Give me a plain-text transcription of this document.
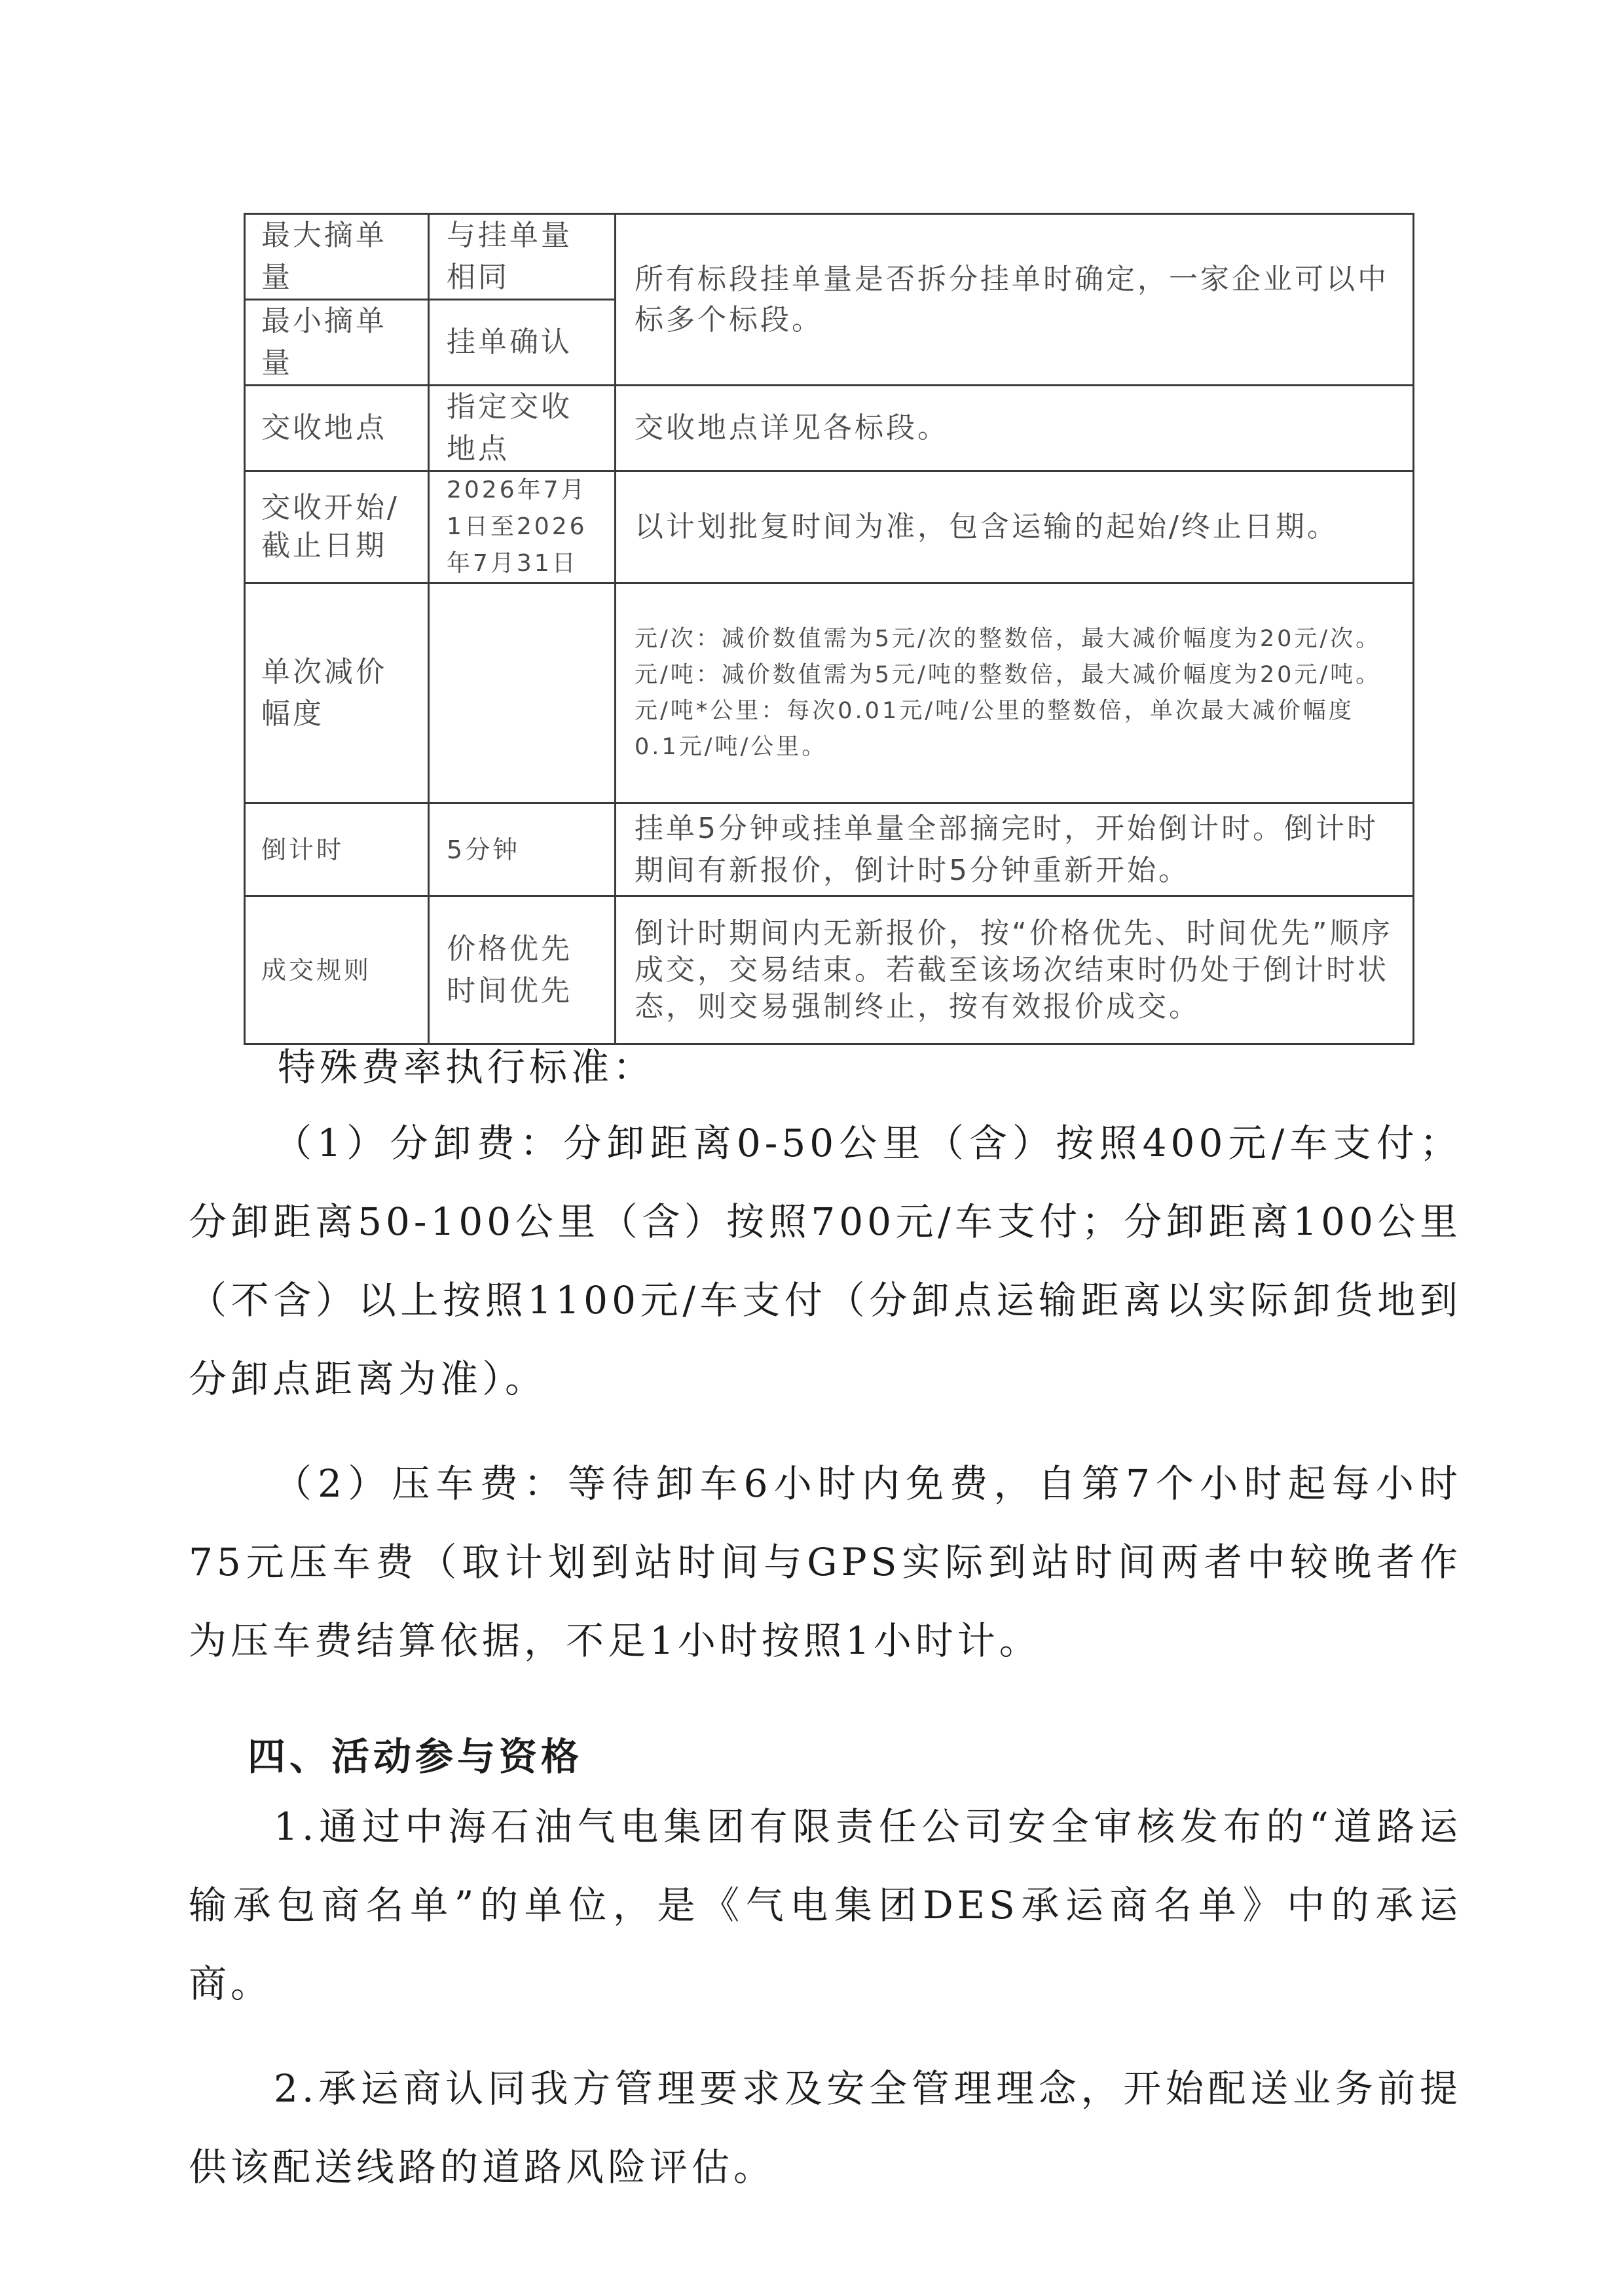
最大摘单量	与挂单量相同	所有标段挂单量是否拆分挂单时确定，一家企业可以中标多个标段。
最小摘单量	挂单确认	
交收地点	指定交收地点	交收地点详见各标段。
交收开始/截止日期	2026年7月1日至2026年7月31日	以计划批复时间为准，包含运输的起始/终止日期。
单次减价幅度		元/次：减价数值需为5元/次的整数倍，最大减价幅度为20元/次。元/吨：减价数值需为5元/吨的整数倍，最大减价幅度为20元/吨。元/吨*公里：每次0.01元/吨/公里的整数倍，单次最大减价幅度0.1元/吨/公里。
倒计时	5分钟	挂单5分钟或挂单量全部摘完时，开始倒计时。倒计时期间有新报价，倒计时5分钟重新开始。
成交规则	价格优先 时间优先	倒计时期间内无新报价，按“价格优先、时间优先”顺序成交，交易结束。若截至该场次结束时仍处于倒计时状态，则交易强制终止，按有效报价成交。
特殊费率执行标准：
（1）分卸费：分卸距离0-50公里（含）按照400元/车支付；分卸距离50-100公里（含）按照700元/车支付；分卸距离100公里（不含）以上按照1100元/车支付（分卸点运输距离以实际卸货地到分卸点距离为准）。
（2）压车费：等待卸车6小时内免费，自第7个小时起每小时75元压车费（取计划到站时间与GPS实际到站时间两者中较晚者作为压车费结算依据，不足1小时按照1小时计。
四、活动参与资格
1.通过中海石油气电集团有限责任公司安全审核发布的“道路运输承包商名单”的单位，是《气电集团DES承运商名单》中的承运商。
2.承运商认同我方管理要求及安全管理理念，开始配送业务前提供该配送线路的道路风险评估。
